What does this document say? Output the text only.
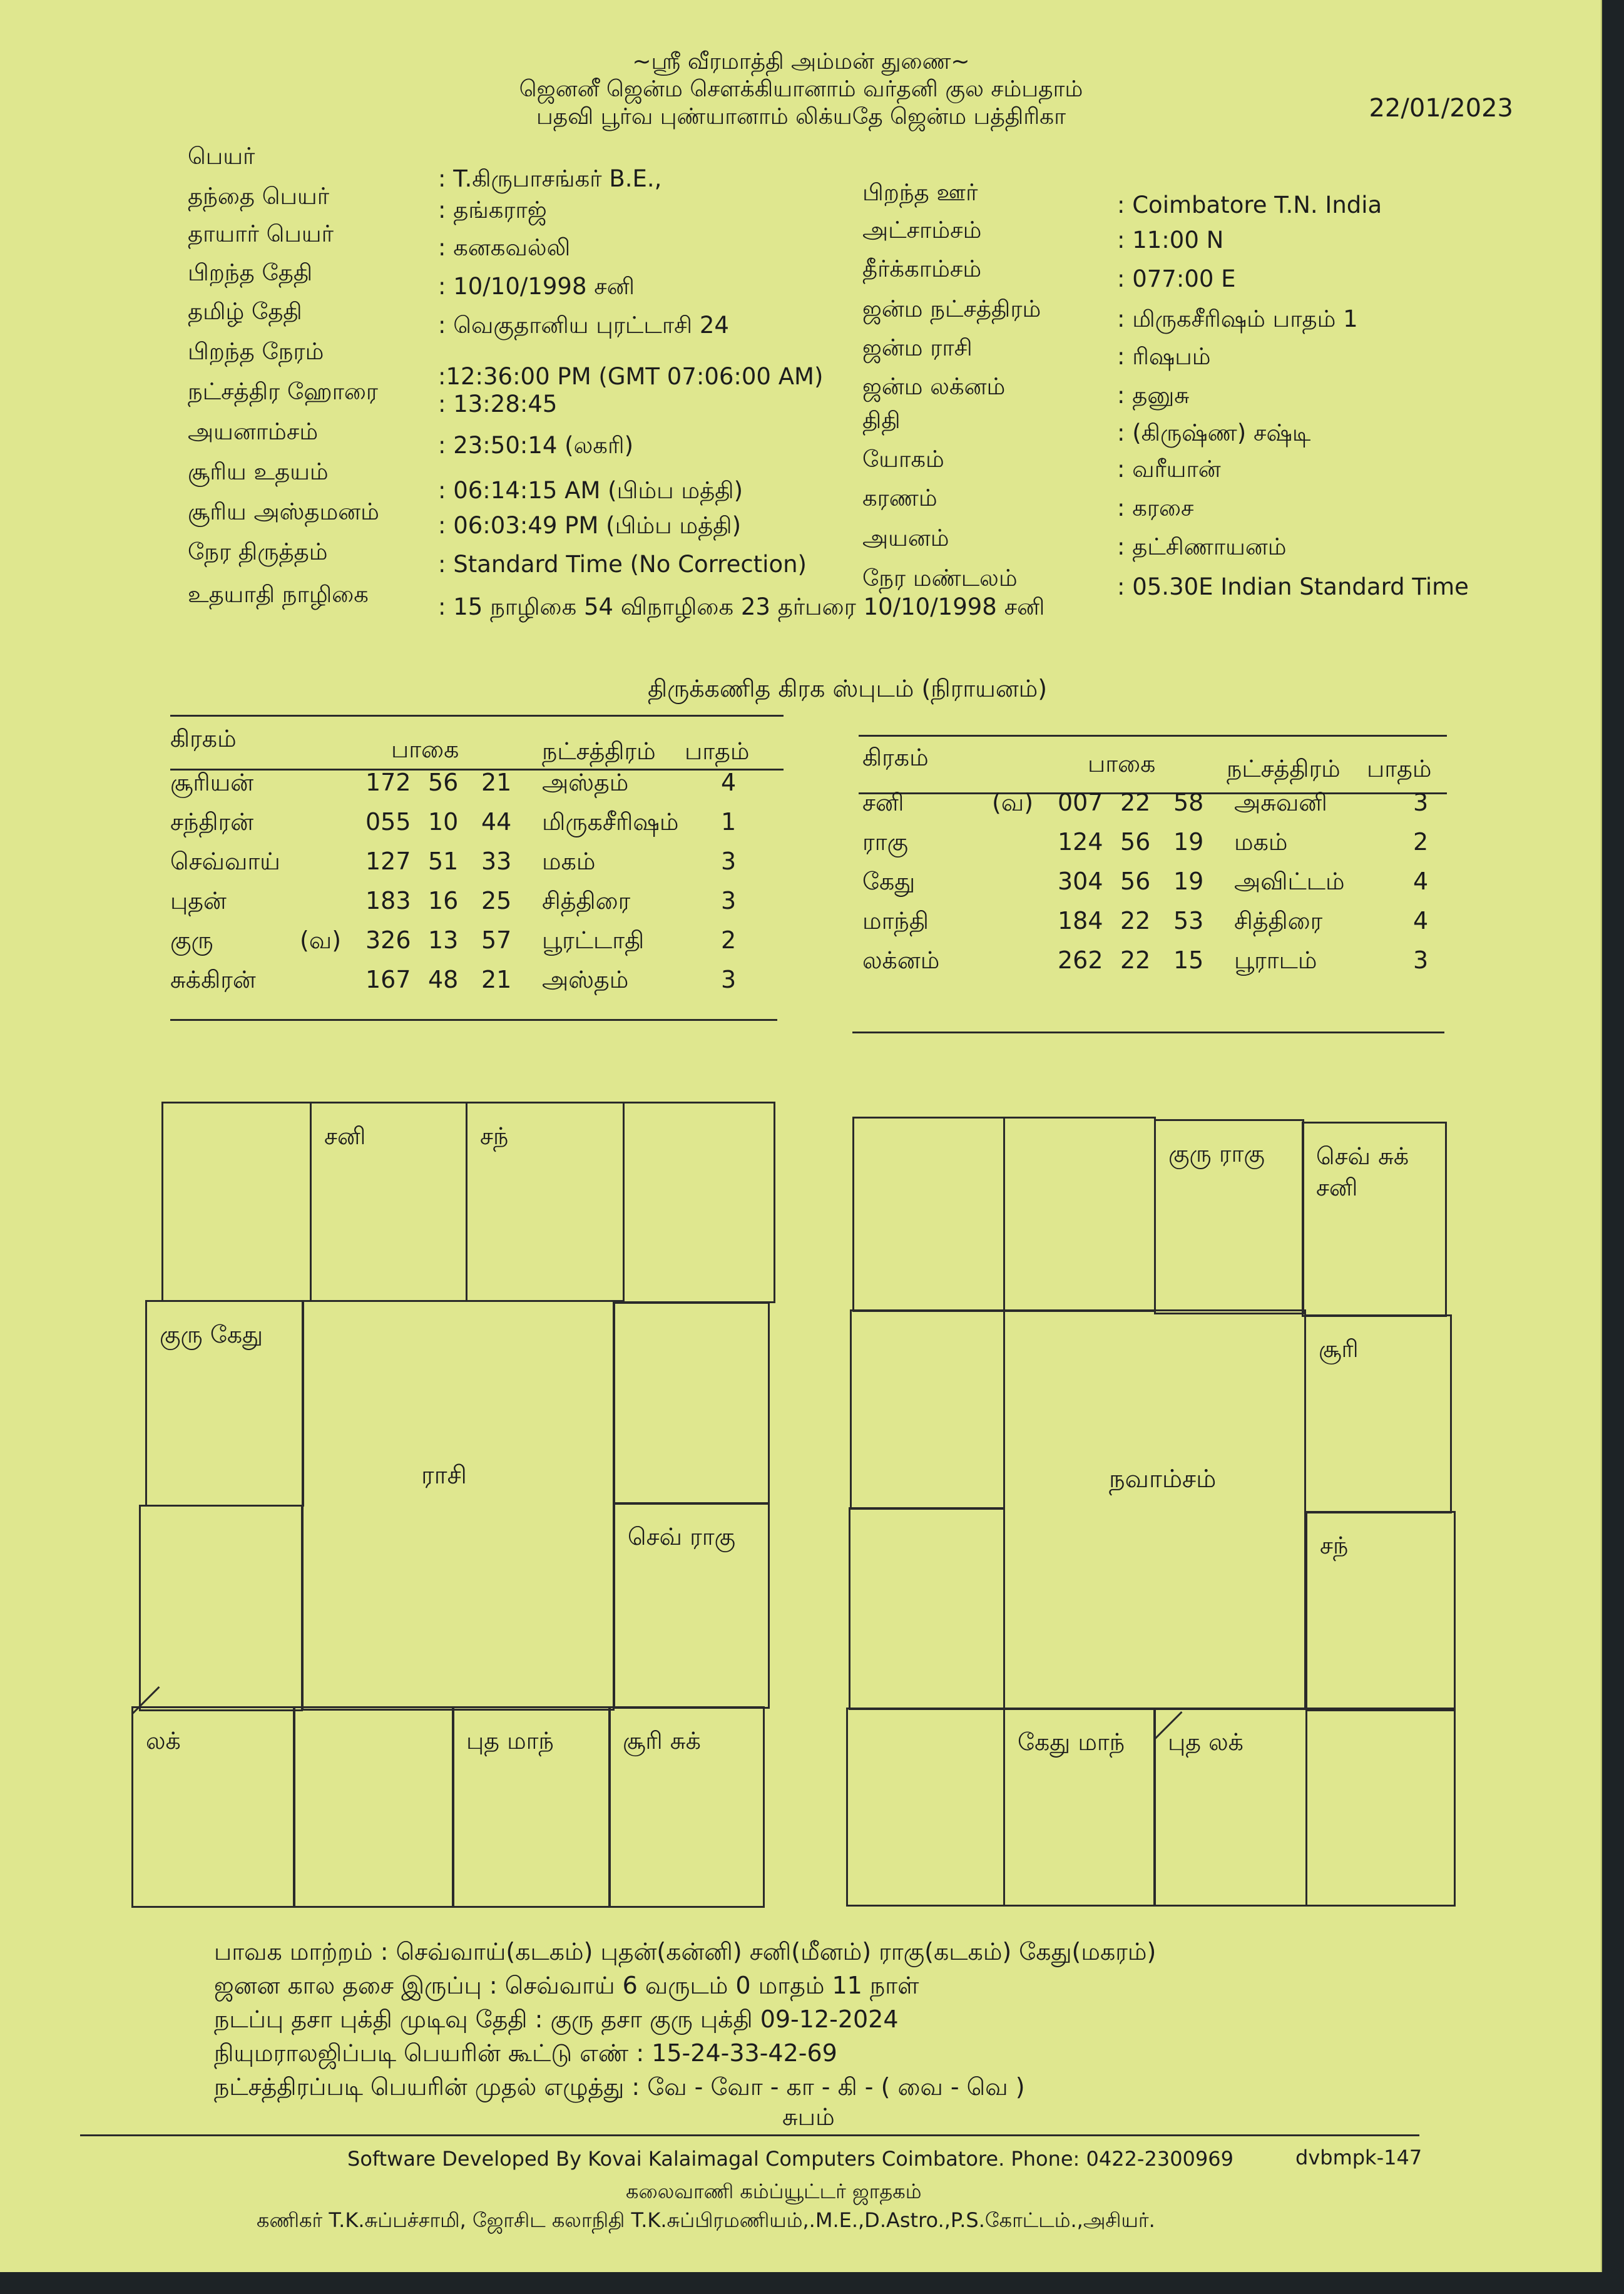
~ஸ்ரீ வீரமாத்தி அம்மன் துணை~
ஜெனனீ ஜென்ம சௌக்கியானாம் வர்தனி குல சம்பதாம்
பதவி பூர்வ புண்யானாம் லிக்யதே ஜென்ம பத்திரிகா	22/01/2023
பெயர்
: T.கிருபாசங்கர் B.E.,
தந்தை பெயர்
: தங்கராஜ்
தாயார் பெயர்
: கனகவல்லி
பிறந்த தேதி
: 10/10/1998 சனி
தமிழ் தேதி
: வெகுதானிய புரட்டாசி 24
பிறந்த நேரம்
:12:36:00 PM (GMT 07:06:00 AM)
நட்சத்திர ஹோரை	: 13:28:45
அயனாம்சம்
: 23:50:14 (லகரி)
சூரிய உதயம்
: 06:14:15 AM (பிம்ப மத்தி)
சூரிய அஸ்தமனம்
: 06:03:49 PM (பிம்ப மத்தி)
நேர திருத்தம்	: Standard Time (No Correction)
உதயாதி நாழிகை	: 15 நாழிகை 54 விநாழிகை 23 தர்பரை 10/10/1998 சனி
பிறந்த ஊர்	: Coimbatore T.N. India
அட்சாம்சம்	: 11:00 N
தீர்க்காம்சம்	: 077:00 E
ஜன்ம நட்சத்திரம்	: மிருகசீரிஷம் பாதம் 1
ஜன்ம ராசி	: ரிஷபம்
ஜன்ம லக்னம்	: தனுசு
திதி	: (கிருஷ்ண) சஷ்டி
யோகம்	: வரீயான்
கரணம்	: கரசை
அயனம்	: தட்சிணாயனம்
நேர மண்டலம்	: 05.30E Indian Standard Time
திருக்கணித கிரக ஸ்புடம் (நிராயனம்)
கிரகம்	பாகை	நட்சத்திரம் பாதம்
சூரியன்	172 56 21 அஸ்தம்	4
சந்திரன்	055 10 44 மிருகசீரிஷம் 1
செவ்வாய்	127 51 33 மகம்	3
புதன்	183 16 25 சித்திரை	3
குரு	(வ) 326 13 57 பூரட்டாதி	2
சுக்கிரன்	167 48 21 அஸ்தம்	3
கிரகம்	பாகை	நட்சத்திரம் பாதம்
சனி	(வ) 007 22 58 அசுவனி	3
ராகு	124 56 19 மகம்	2
கேது	304 56 19 அவிட்டம்	4
மாந்தி	184 22 53 சித்திரை	4
லக்னம்	262 22 15 பூராடம்	3
சனி	சந்
குரு கேது
ராசி
செவ் ராகு
லக்	புத மாந்	சூரி சுக்
குரு ராகு	செவ் சுக்
சனி
நவாம்சம்
சூரி
சந்
கேது மாந்	புத லக்
பாவக மாற்றம் : செவ்வாய்(கடகம்) புதன்(கன்னி) சனி(மீனம்) ராகு(கடகம்) கேது(மகரம்)
ஜனன கால தசை இருப்பு : செவ்வாய் 6 வருடம் 0 மாதம் 11 நாள்
நடப்பு தசா புக்தி முடிவு தேதி : குரு தசா குரு புக்தி 09-12-2024
நியுமராலஜிப்படி பெயரின் கூட்டு எண் : 15-24-33-42-69
நட்சத்திரப்படி பெயரின் முதல் எழுத்து : வே - வோ - கா - கி - ( வை - வெ )
சுபம்
Software Developed By Kovai Kalaimagal Computers Coimbatore. Phone: 0422-2300969	dvbmpk-147
கலைவாணி கம்ப்யூட்டர் ஜாதகம்
கணிகர் T.K.சுப்பச்சாமி, ஜோசிட கலாநிதி T.K.சுப்பிரமணியம்,.M.E.,D.Astro.,P.S.கோட்டம்.,அசியர்.
